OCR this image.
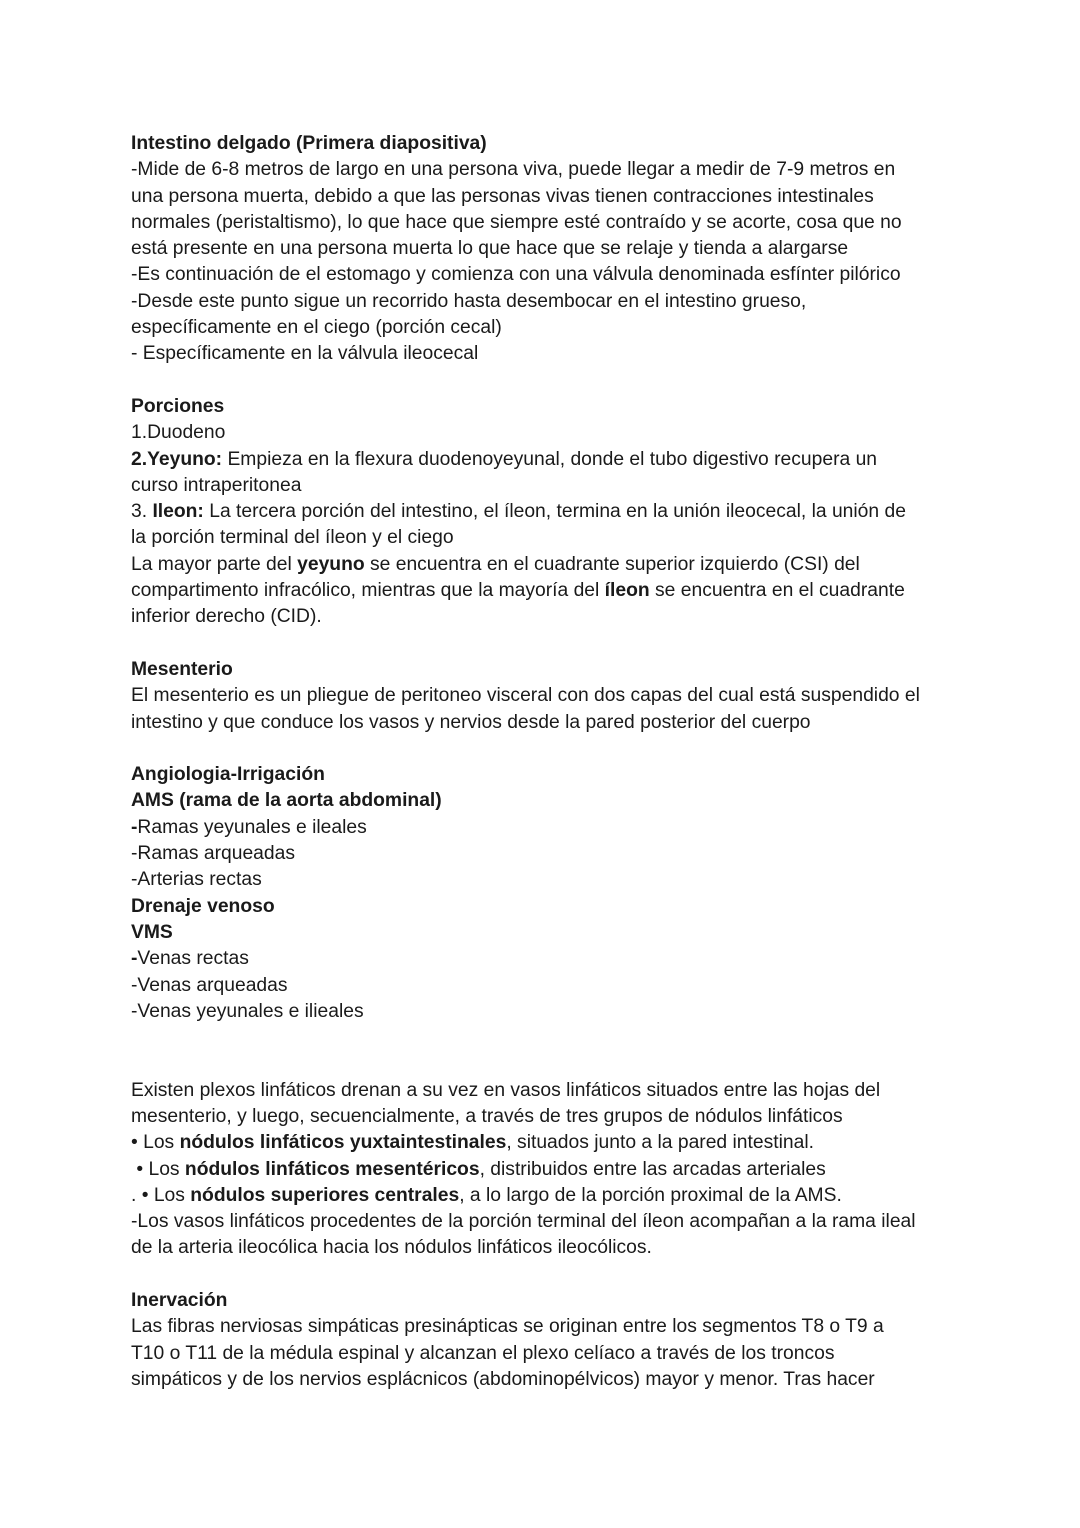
Intestino delgado (Primera diapositiva)
-Mide de 6-8 metros de largo en una persona viva, puede llegar a medir de 7-9 metros en
una persona muerta, debido a que las personas vivas tienen contracciones intestinales
normales (peristaltismo), lo que hace que siempre esté contraído y se acorte, cosa que no
está presente en una persona muerta lo que hace que se relaje y tienda a alargarse
-Es continuación de el estomago y comienza con una válvula denominada esfínter pilórico
-Desde este punto sigue un recorrido hasta desembocar en el intestino grueso,
específicamente en el ciego (porción cecal)
- Específicamente en la válvula ileocecal
Porciones
1.Duodeno
2.Yeyuno: Empieza en la flexura duodenoyeyunal, donde el tubo digestivo recupera un
curso intraperitonea
3. Ileon: La tercera porción del intestino, el íleon, termina en la unión ileocecal, la unión de
la porción terminal del íleon y el ciego
La mayor parte del yeyuno se encuentra en el cuadrante superior izquierdo (CSI) del
compartimento infracólico, mientras que la mayoría del íleon se encuentra en el cuadrante
inferior derecho (CID).
Mesenterio
El mesenterio es un pliegue de peritoneo visceral con dos capas del cual está suspendido el
intestino y que conduce los vasos y nervios desde la pared posterior del cuerpo
Angiologia-Irrigación
AMS (rama de la aorta abdominal)
-Ramas yeyunales e ileales
-Ramas arqueadas
-Arterias rectas
Drenaje venoso
VMS
-Venas rectas
-Venas arqueadas
-Venas yeyunales e ilieales
Existen plexos linfáticos drenan a su vez en vasos linfáticos situados entre las hojas del
mesenterio, y luego, secuencialmente, a través de tres grupos de nódulos linfáticos
• Los nódulos linfáticos yuxtaintestinales, situados junto a la pared intestinal.
• Los nódulos linfáticos mesentéricos, distribuidos entre las arcadas arteriales
. • Los nódulos superiores centrales, a lo largo de la porción proximal de la AMS.
-Los vasos linfáticos procedentes de la porción terminal del íleon acompañan a la rama ileal
de la arteria ileocólica hacia los nódulos linfáticos ileocólicos.
Inervación
Las fibras nerviosas simpáticas presinápticas se originan entre los segmentos T8 o T9 a
T10 o T11 de la médula espinal y alcanzan el plexo celíaco a través de los troncos
simpáticos y de los nervios esplácnicos (abdominopélvicos) mayor y menor. Tras hacer
